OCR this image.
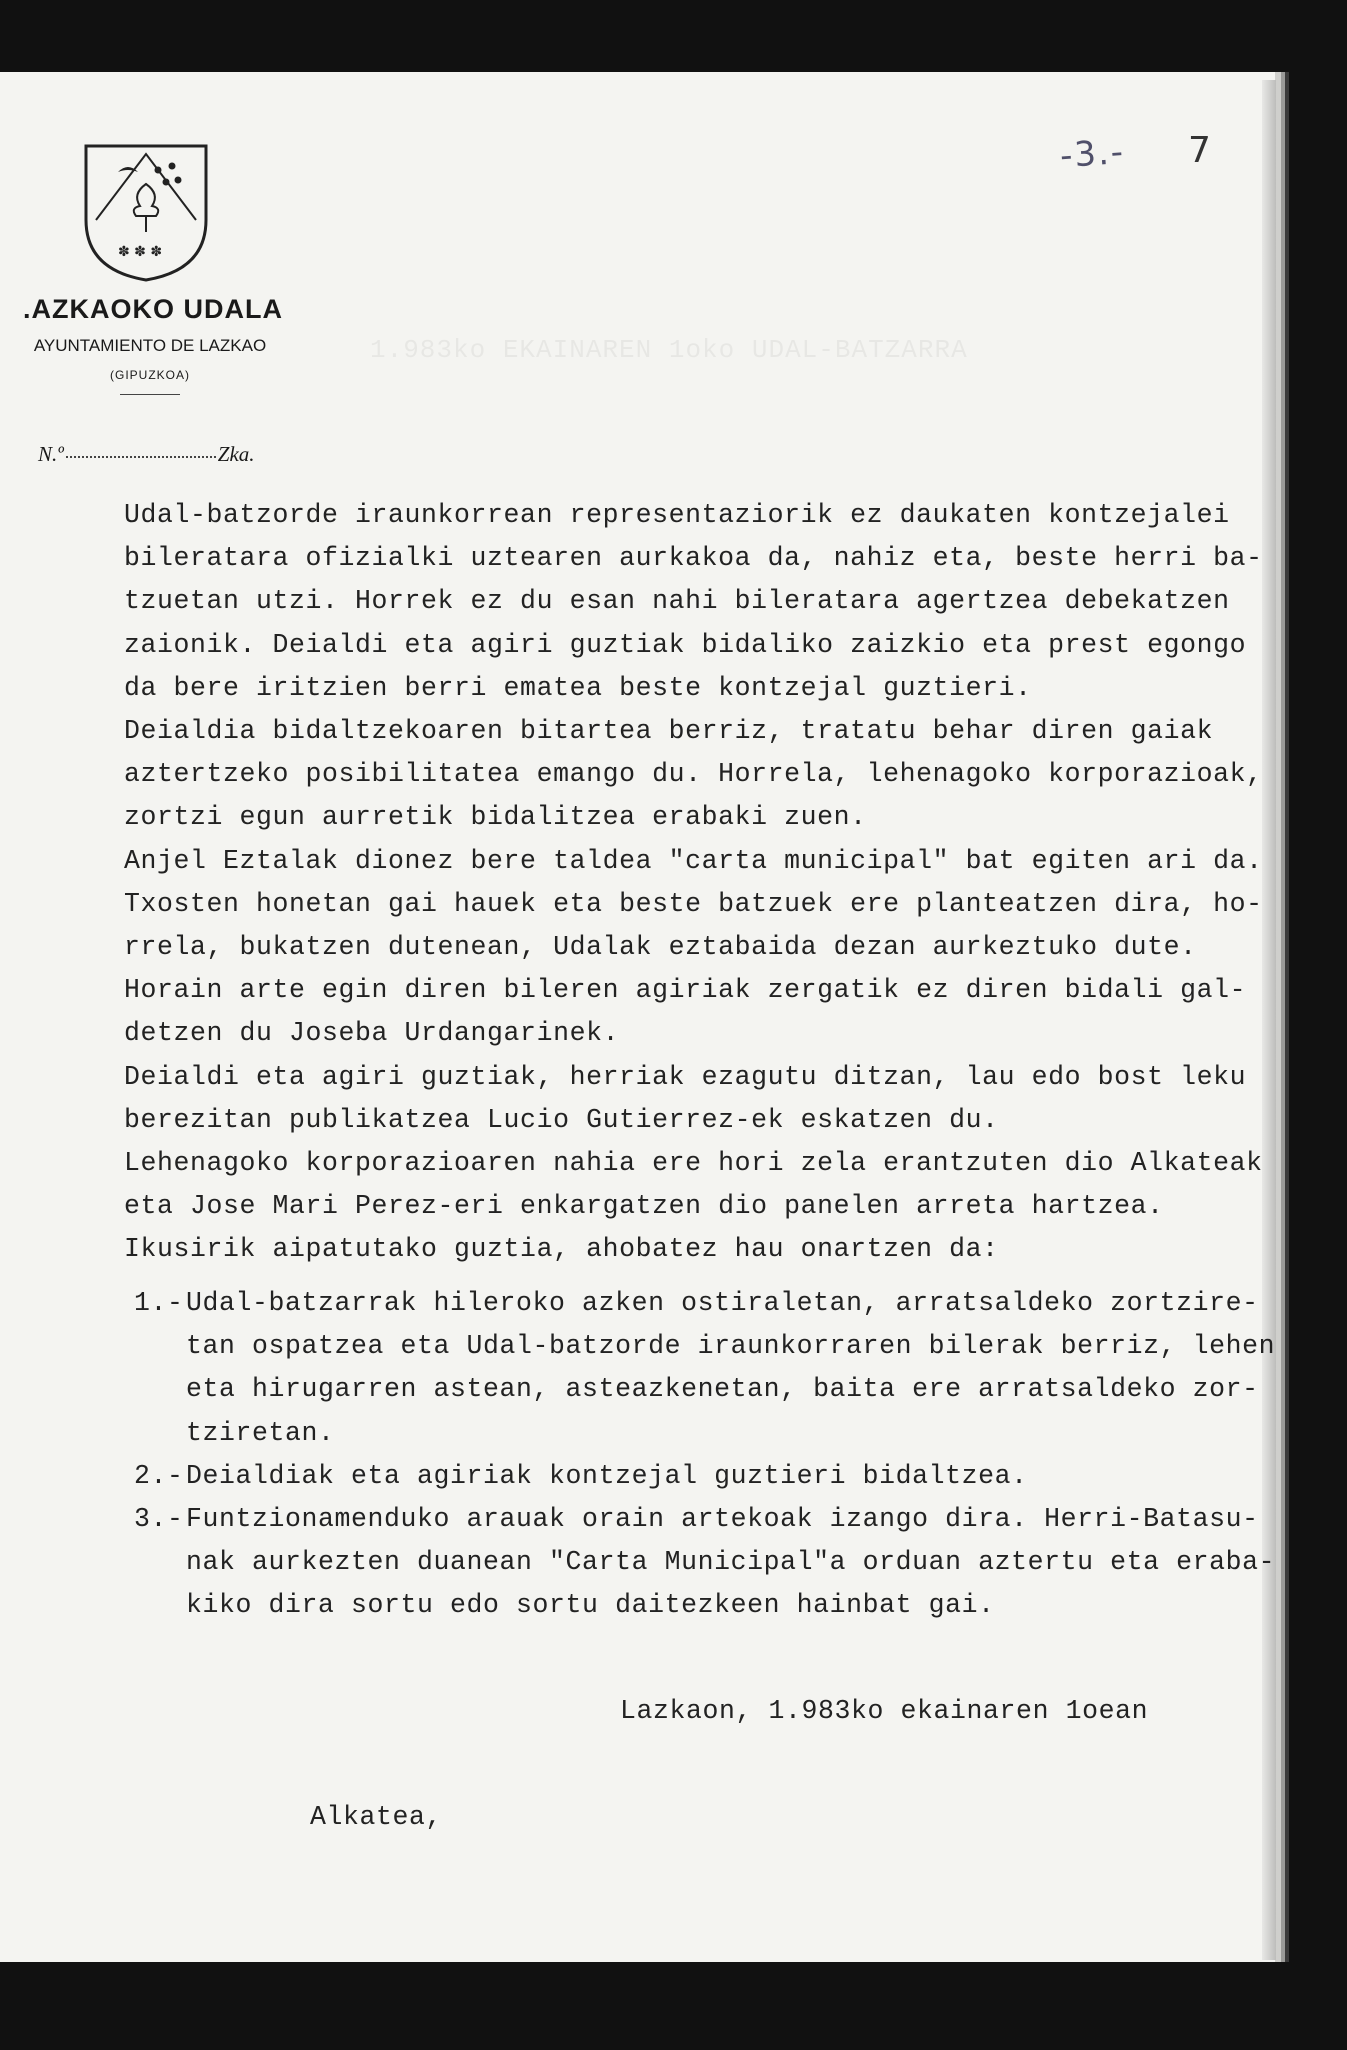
✽ ✽ ✽
.AZKAOKO UDALA
AYUNTAMIENTO DE LAZKAO
(GIPUZKOA)
N.º	Zka.
-3.- 7
1.983ko EKAINAREN 1oko UDAL-BATZARRA

Udal-batzorde iraunkorrean representaziorik ez daukaten kontzejalei

bileratara ofizialki uztearen aurkakoa da, nahiz eta, beste herri ba-

tzuetan utzi. Horrek ez du esan nahi bileratara agertzea debekatzen

zaionik. Deialdi eta agiri guztiak bidaliko zaizkio eta prest egongo

da bere iritzien berri ematea beste kontzejal guztieri.

Deialdia bidaltzekoaren bitartea berriz, tratatu behar diren gaiak

aztertzeko posibilitatea emango du. Horrela, lehenagoko korporazioak,

zortzi egun aurretik bidalitzea erabaki zuen.

Anjel Eztalak dionez bere taldea "carta municipal" bat egiten ari da.

Txosten honetan gai hauek eta beste batzuek ere planteatzen dira, ho-

rrela, bukatzen dutenean, Udalak eztabaida dezan aurkeztuko dute.

Horain arte egin diren bileren agiriak zergatik ez diren bidali gal-

detzen du Joseba Urdangarinek.

Deialdi eta agiri guztiak, herriak ezagutu ditzan, lau edo bost leku

berezitan publikatzea Lucio Gutierrez-ek eskatzen du.

Lehenagoko korporazioaren nahia ere hori zela erantzuten dio Alkateak

eta Jose Mari Perez-eri enkargatzen dio panelen arreta hartzea.

Ikusirik aipatutako guztia, ahobatez hau onartzen da:

1.- Udal-batzarrak hileroko azken ostiraletan, arratsaldeko zortzire-

tan ospatzea eta Udal-batzorde iraunkorraren bilerak berriz, lehen

eta hirugarren astean, asteazkenetan, baita ere arratsaldeko zor-

tziretan.

2.- Deialdiak eta agiriak kontzejal guztieri bidaltzea.

3.- Funtzionamenduko arauak orain artekoak izango dira. Herri-Batasu-

nak aurkezten duanean "Carta Municipal"a orduan aztertu eta eraba-

kiko dira sortu edo sortu daitezkeen hainbat gai.

Lazkaon, 1.983ko ekainaren 1oean
Alkatea,
